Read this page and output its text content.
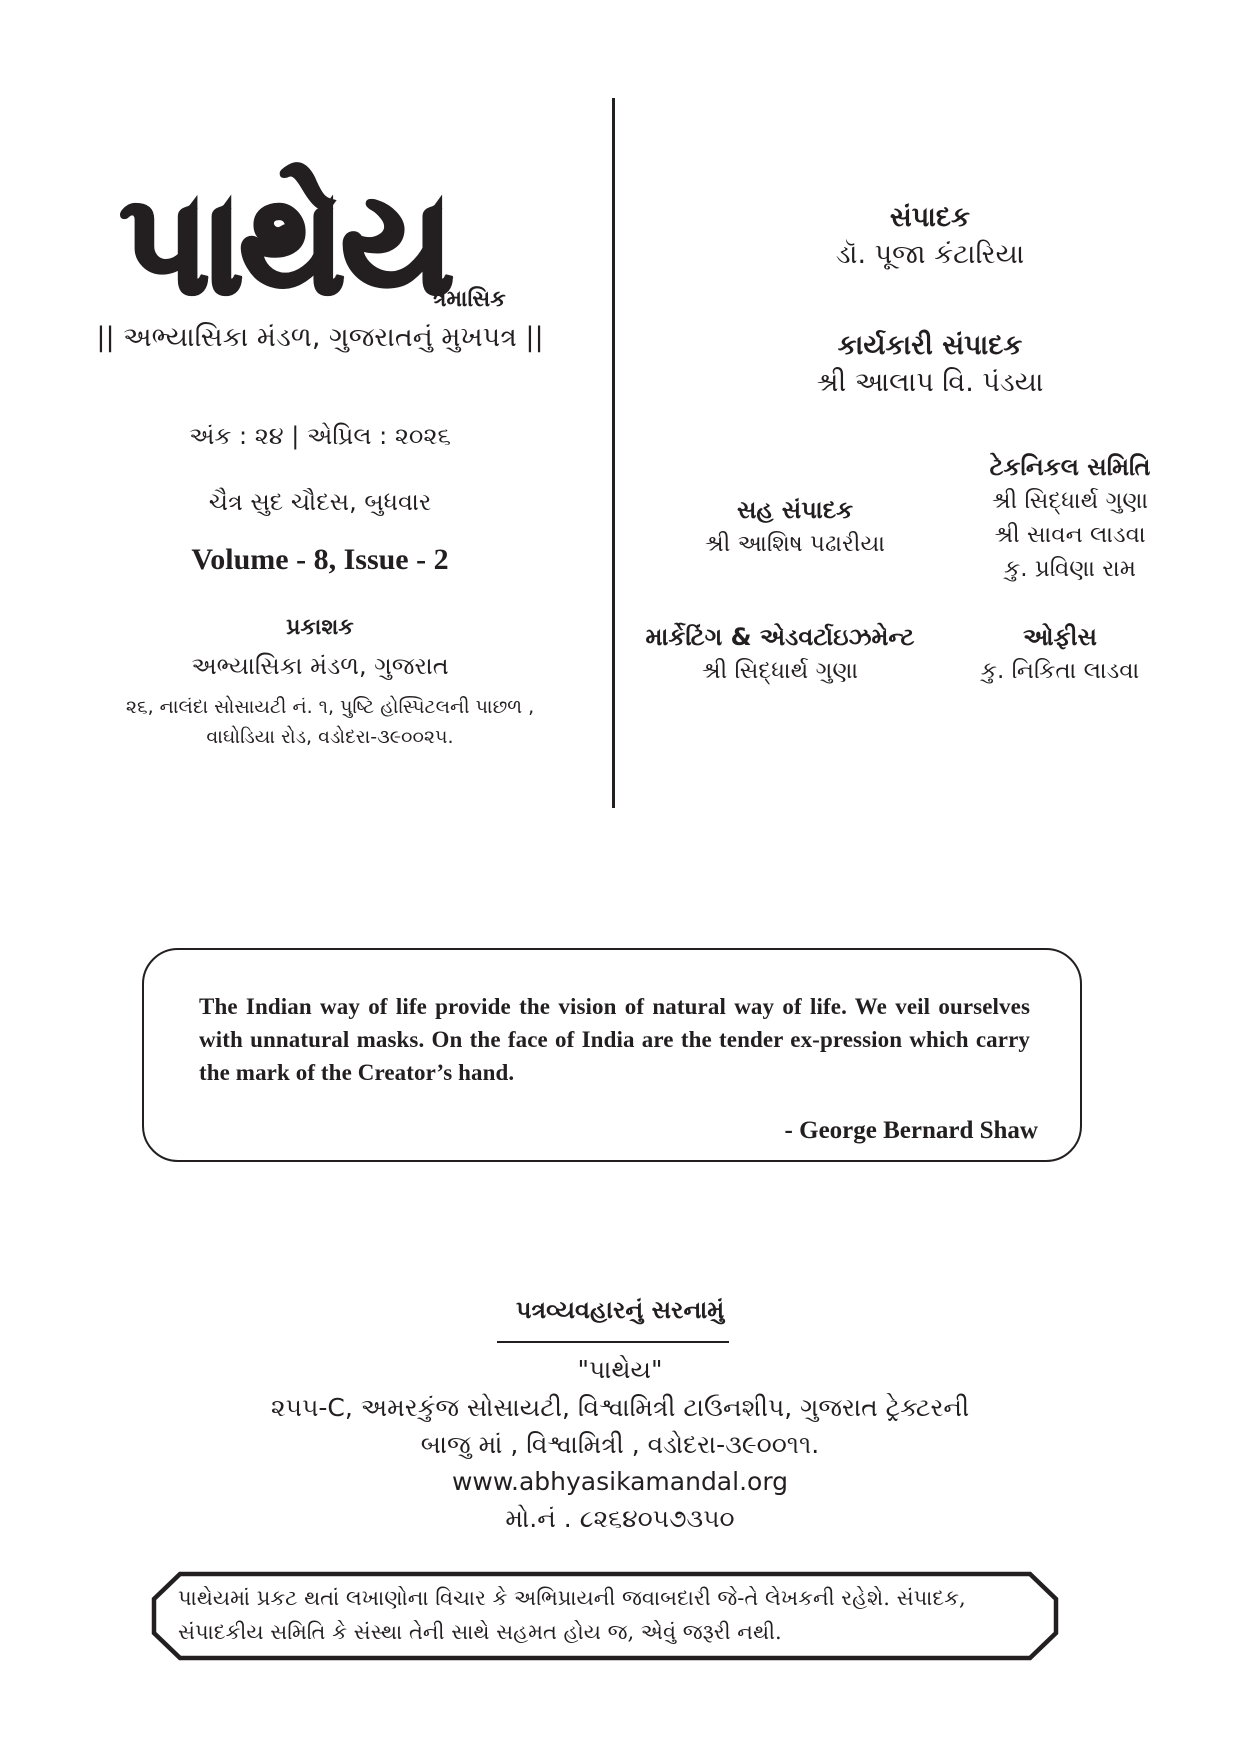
પાથેય
ત્રૈમાસિક
|| અભ્યાસિકા મંડળ, ગુજરાતનું મુખપત્ર ||
અંક : ૨૪ | એપ્રિલ : ૨૦૨૬
ચૈત્ર સુદ ચૌદસ, બુધવાર
Volume - 8, Issue - 2
પ્રકાશક
અભ્યાસિકા મંડળ, ગુજરાત
૨૬, નાલંદા સોસાયટી નં. ૧, પુષ્ટિ હોસ્પિટલની પાછળ ,
વાઘોડિયા રોડ, વડોદરા-૩૯૦૦૨૫.
સંપાદક
ડૉ. પૂજા કંટારિયા
કાર્યકારી સંપાદક
શ્રી આલાપ વિ. પંડયા
ટેકનિકલ સમિતિ
શ્રી સિદ્ધાર્થ ગુણા
શ્રી સાવન લાડવા
કુ. પ્રવિણા રામ
સહ સંપાદક
શ્રી આશિષ પઢારીયા
માર્કેટિંગ & એડવર્ટાઇઝમેન્ટ
શ્રી સિદ્ધાર્થ ગુણા
ઓફીસ
કુ. નિકિતા લાડવા

The Indian way of life provide the vision of natural way of life. We veil ourselves with unnatural masks. On the face of India are the tender ex-pression which carry the mark of the Creator’s hand.

- George Bernard Shaw
પત્રવ્યવહારનું સરનામું
"પાથેય"
૨૫૫-C, અમરકુંજ સોસાયટી, વિશ્વામિત્રી ટાઉનશીપ, ગુજરાત ટ્રેક્ટરની
બાજુ માં , વિશ્વામિત્રી , વડોદરા-૩૯૦૦૧૧.
www.abhyasikamandal.org
મો.નં . ૮૨૬૪૦૫૭૩૫૦
પાથેયમાં પ્રકટ થતાં લખાણોના વિચાર કે અભિપ્રાયની જવાબદારી જે-તે લેખકની રહેશે. સંપાદક,
સંપાદકીય સમિતિ કે સંસ્થા તેની સાથે સહમત હોય જ, એવું જરૂરી નથી.
